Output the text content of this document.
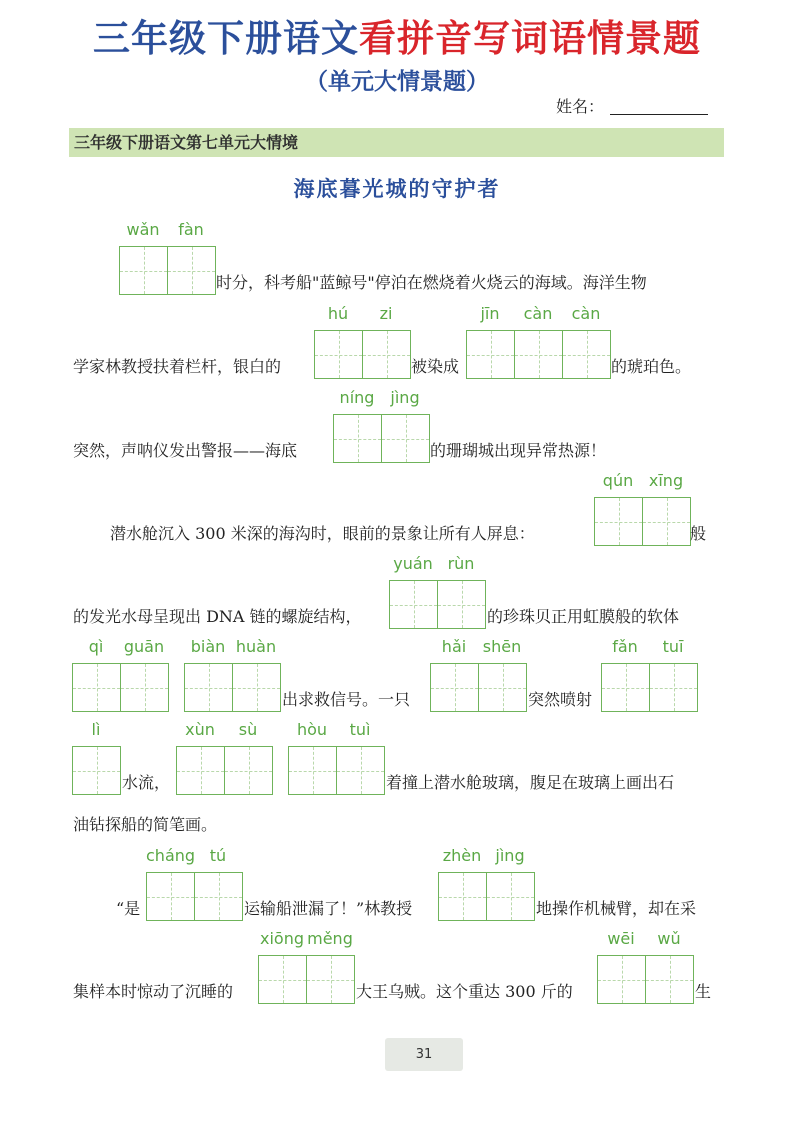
三年级下册语文看拼音写词语情景题
（单元大情景题）
姓名：
三年级下册语文第七单元大情境
海底暮光城的守护者
wǎn	fàn
时分，科考船"蓝鲸号"停泊在燃烧着火烧云的海域。海洋生物
学家林教授扶着栏杆，银白的
hú	zi
被染成
jīn	càn	càn
的琥珀色。
突然，声呐仪发出警报——海底
níng jìng
的珊瑚城出现异常热源！
潜水舱沉入 300 米深的海沟时，眼前的景象让所有人屏息：
qún xīng
般
的发光水母呈现出 DNA 链的螺旋结构，
yuán rùn
的珍珠贝正用虹膜般的软体
qì	guān	biàn huàn
出求救信号。一只
hǎi	shēn
突然喷射
fǎn	tuī
lì
水流，
xùn	sù	hòu	tuì
着撞上潜水舱玻璃，腹足在玻璃上画出石
油钻探船的简笔画。
“是
cháng tú
运输船泄漏了！”林教授
zhèn jìng
地操作机械臂，却在采
集样本时惊动了沉睡的
xiōng měng
大王乌贼。这个重达 300 斤的
wēi	wǔ
生
31
